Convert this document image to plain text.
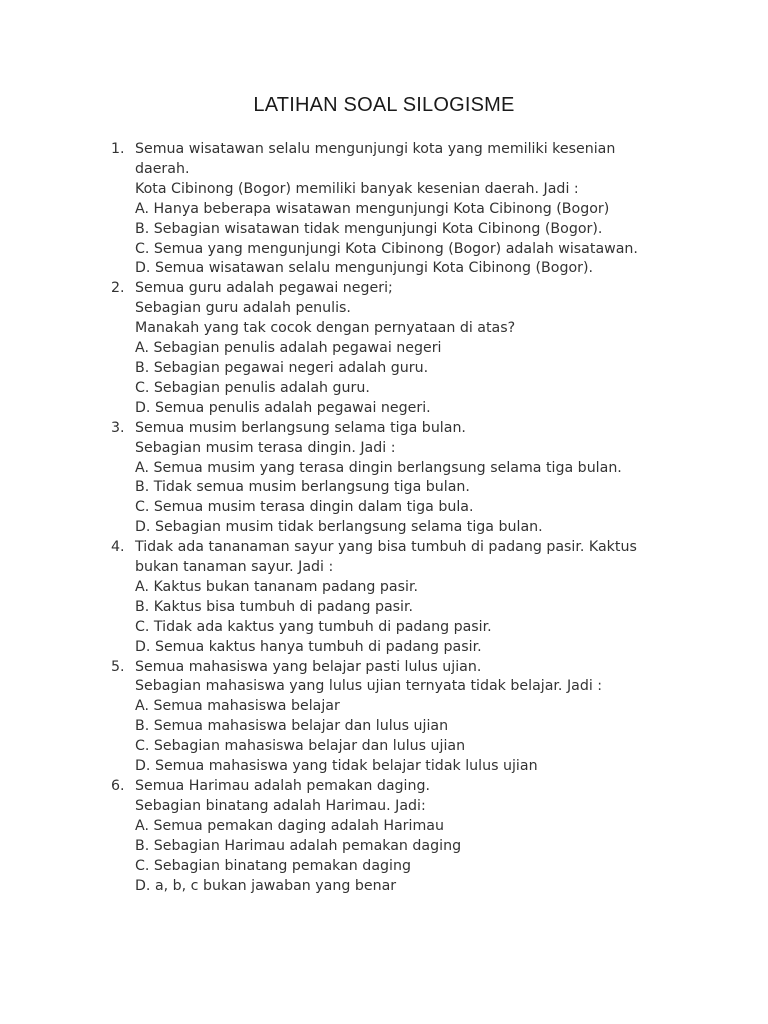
LATIHAN SOAL SILOGISME
1. Semua wisatawan selalu mengunjungi kota yang memiliki kesenian daerah.
Kota Cibinong (Bogor) memiliki banyak kesenian daerah. Jadi :
A. Hanya beberapa wisatawan mengunjungi Kota Cibinong (Bogor)
B. Sebagian wisatawan tidak mengunjungi Kota Cibinong (Bogor).
C. Semua yang mengunjungi Kota Cibinong (Bogor) adalah wisatawan.
D. Semua wisatawan selalu mengunjungi Kota Cibinong (Bogor).
2. Semua guru adalah pegawai negeri;
Sebagian guru adalah penulis.
Manakah yang tak cocok dengan pernyataan di atas?
A. Sebagian penulis adalah pegawai negeri
B. Sebagian pegawai negeri adalah guru.
C. Sebagian penulis adalah guru.
D. Semua penulis adalah pegawai negeri.
3. Semua musim berlangsung selama tiga bulan.
Sebagian musim terasa dingin. Jadi :
A. Semua musim yang terasa dingin berlangsung selama tiga bulan.
B. Tidak semua musim berlangsung tiga bulan.
C. Semua musim terasa dingin dalam tiga bula.
D. Sebagian musim tidak berlangsung selama tiga bulan.
4. Tidak ada tananaman sayur yang bisa tumbuh di padang pasir. Kaktus bukan tanaman sayur. Jadi :
A. Kaktus bukan tananam padang pasir.
B. Kaktus bisa tumbuh di padang pasir.
C. Tidak ada kaktus yang tumbuh di padang pasir.
D. Semua kaktus hanya tumbuh di padang pasir.
5. Semua mahasiswa yang belajar pasti lulus ujian.
Sebagian mahasiswa yang lulus ujian ternyata tidak belajar. Jadi :
A. Semua mahasiswa belajar
B. Semua mahasiswa belajar dan lulus ujian
C. Sebagian mahasiswa belajar dan lulus ujian
D. Semua mahasiswa yang tidak belajar tidak lulus ujian
6. Semua Harimau adalah pemakan daging.
Sebagian binatang adalah Harimau. Jadi:
A. Semua pemakan daging adalah Harimau
B. Sebagian Harimau adalah pemakan daging
C. Sebagian binatang pemakan daging
D. a, b, c bukan jawaban yang benar
